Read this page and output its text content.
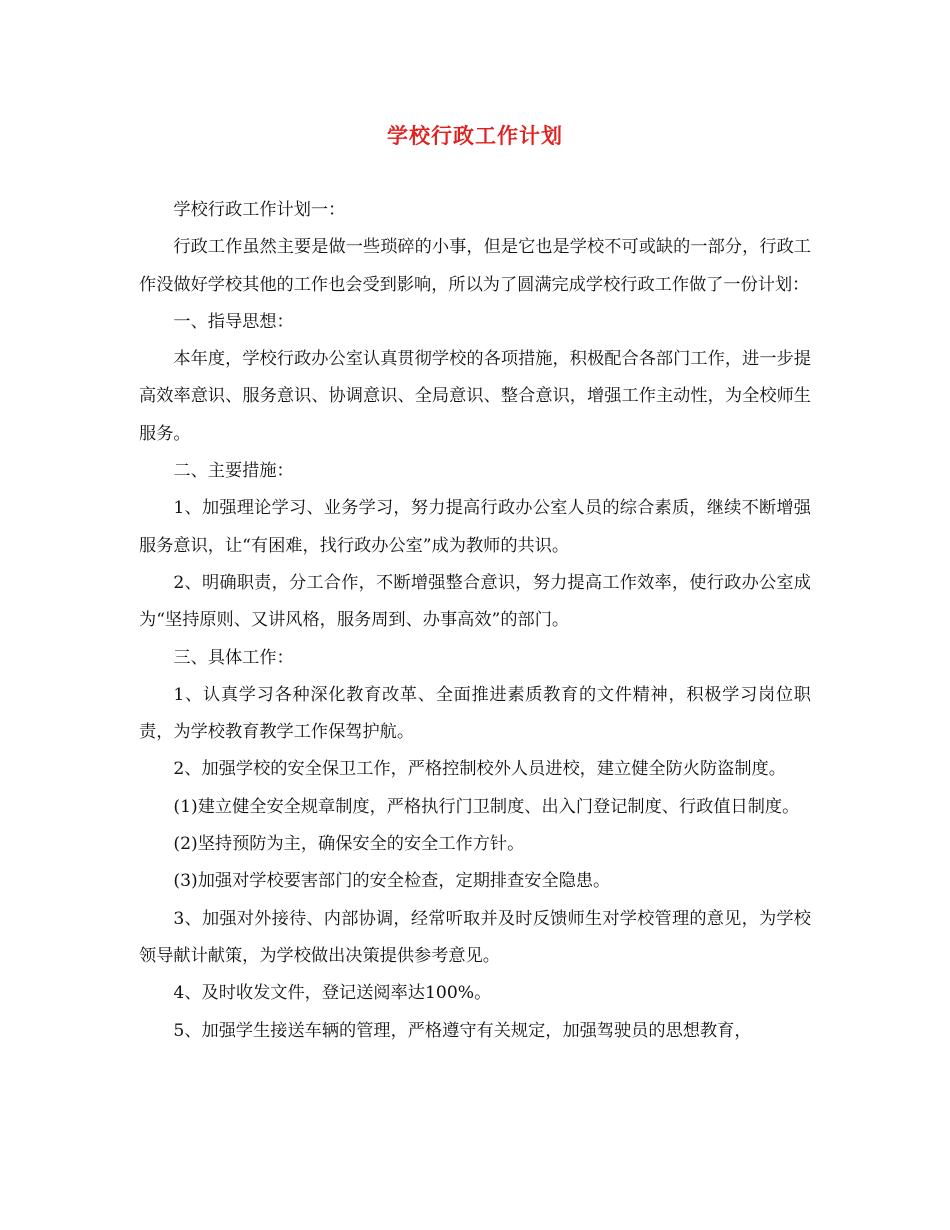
学校行政工作计划

学校行政工作计划一：

行政工作虽然主要是做一些琐碎的小事，但是它也是学校不可或缺的一部分，行政工作没做好学校其他的工作也会受到影响，所以为了圆满完成学校行政工作做了一份计划：

一、指导思想：

本年度，学校行政办公室认真贯彻学校的各项措施，积极配合各部门工作，进一步提高效率意识、服务意识、协调意识、全局意识、整合意识，增强工作主动性，为全校师生服务。

二、主要措施：

1、加强理论学习、业务学习，努力提高行政办公室人员的综合素质，继续不断增强服务意识，让“有困难，找行政办公室”成为教师的共识。

2、明确职责，分工合作，不断增强整合意识，努力提高工作效率，使行政办公室成为“坚持原则、又讲风格，服务周到、办事高效”的部门。

三、具体工作：

1、认真学习各种深化教育改革、全面推进素质教育的文件精神，积极学习岗位职责，为学校教育教学工作保驾护航。

2、加强学校的安全保卫工作，严格控制校外人员进校，建立健全防火防盗制度。

(1)建立健全安全规章制度，严格执行门卫制度、出入门登记制度、行政值日制度。

(2)坚持预防为主，确保安全的安全工作方针。

(3)加强对学校要害部门的安全检查，定期排查安全隐患。

3、加强对外接待、内部协调，经常听取并及时反馈师生对学校管理的意见，为学校领导献计献策，为学校做出决策提供参考意见。

4、及时收发文件，登记送阅率达100%。

5、加强学生接送车辆的管理，严格遵守有关规定，加强驾驶员的思想教育，
